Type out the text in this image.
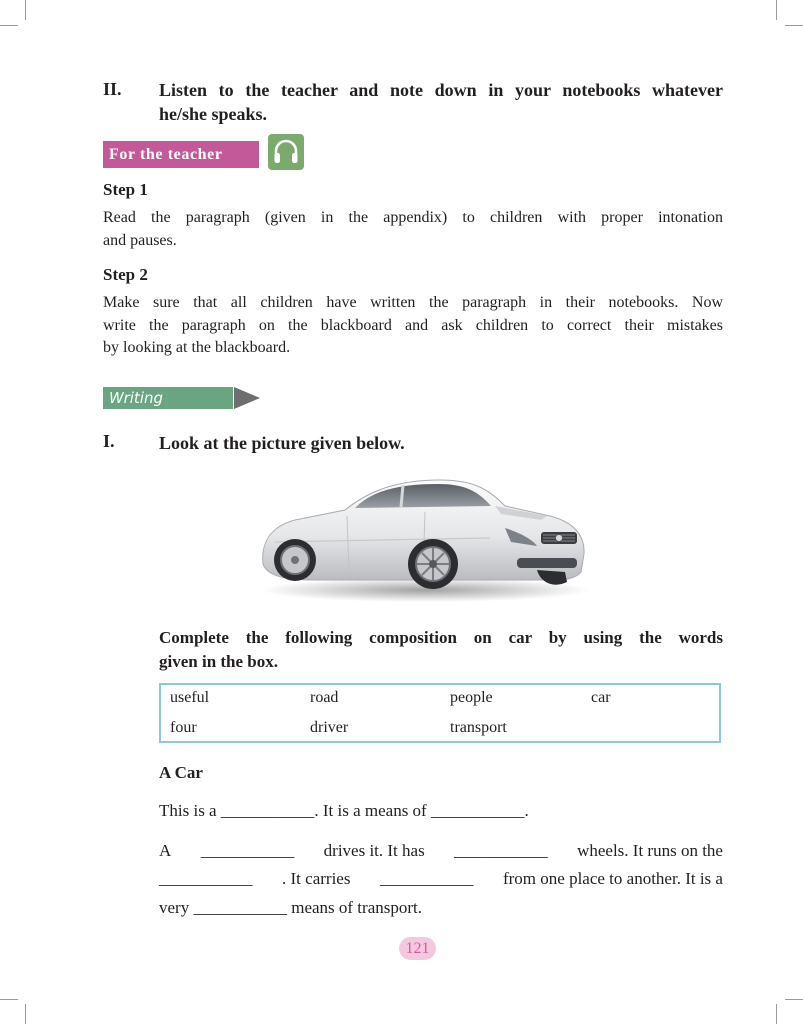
II. Listen to the teacher and note down in your notebooks whatever
he/she speaks.
For the teacher
Step 1
Read the paragraph (given in the appendix) to children with proper intonation
and pauses.
Step 2
Make sure that all children have written the paragraph in their notebooks. Now
write the paragraph on the blackboard and ask children to correct their mistakes
by looking at the blackboard.
Writing
I. Look at the picture given below.
Complete the following composition on car by using the words
given in the box.
useful	road	people	car
four	driver	transport
A Car
This is a ___________. It is a means of ___________.
A ___________ drives it. It has ___________ wheels. It runs on the
___________ . It carries ___________ from one place to another. It is a
very ___________ means of transport.
121
